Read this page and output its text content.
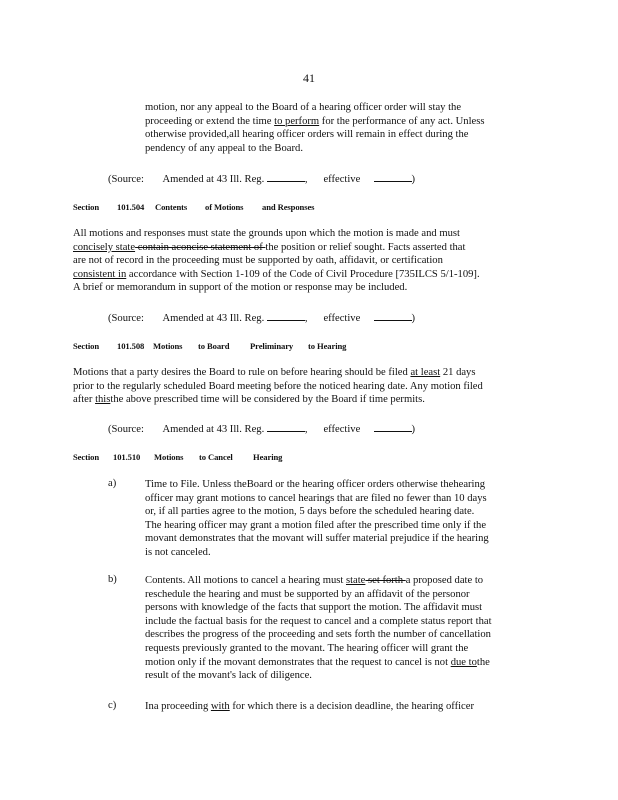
41

motion, nor any appeal to the Board of a hearing officer order will stay the

proceeding or extend the time to perform for the performance of any act. Unless

otherwise provided,all hearing officer orders will remain in effect during the

pendency of any appeal to the Board.

(Source: Amended at 43 Ill. Reg.	, effective	)
Section 101.504 Contents of Motions and Responses

All motions and responses must state the grounds upon which the motion is made and must

concisely state contain aconcise statement of the position or relief sought. Facts asserted that

are not of record in the proceeding must be supported by oath, affidavit, or certification

consistent in accordance with Section 1-109 of the Code of Civil Procedure [735ILCS 5/1-109].

A brief or memorandum in support of the motion or response may be included.

(Source: Amended at 43 Ill. Reg.	, effective	)
Section 101.508 Motions to Board Preliminary to Hearing

Motions that a party desires the Board to rule on before hearing should be filed at least 21 days

prior to the regularly scheduled Board meeting before the noticed hearing date. Any motion filed

after thisthe above prescribed time will be considered by the Board if time permits.

(Source: Amended at 43 Ill. Reg.	, effective	)
Section 101.510 Motions to Cancel Hearing
a)	Time to File. Unless theBoard or the hearing officer orders otherwise thehearing

officer may grant motions to cancel hearings that are filed no fewer than 10 days

or, if all parties agree to the motion, 5 days before the scheduled hearing date.

The hearing officer may grant a motion filed after the prescribed time only if the

movant demonstrates that the movant will suffer material prejudice if the hearing

is not canceled.

b)	Contents. All motions to cancel a hearing must state set forth a proposed date to

reschedule the hearing and must be supported by an affidavit of the personor

persons with knowledge of the facts that support the motion. The affidavit must

include the factual basis for the request to cancel and a complete status report that

describes the progress of the proceeding and sets forth the number of cancellation

requests previously granted to the movant. The hearing officer will grant the

motion only if the movant demonstrates that the request to cancel is not due tothe

result of the movant's lack of diligence.

c)	Ina proceeding with for which there is a decision deadline, the hearing officer
